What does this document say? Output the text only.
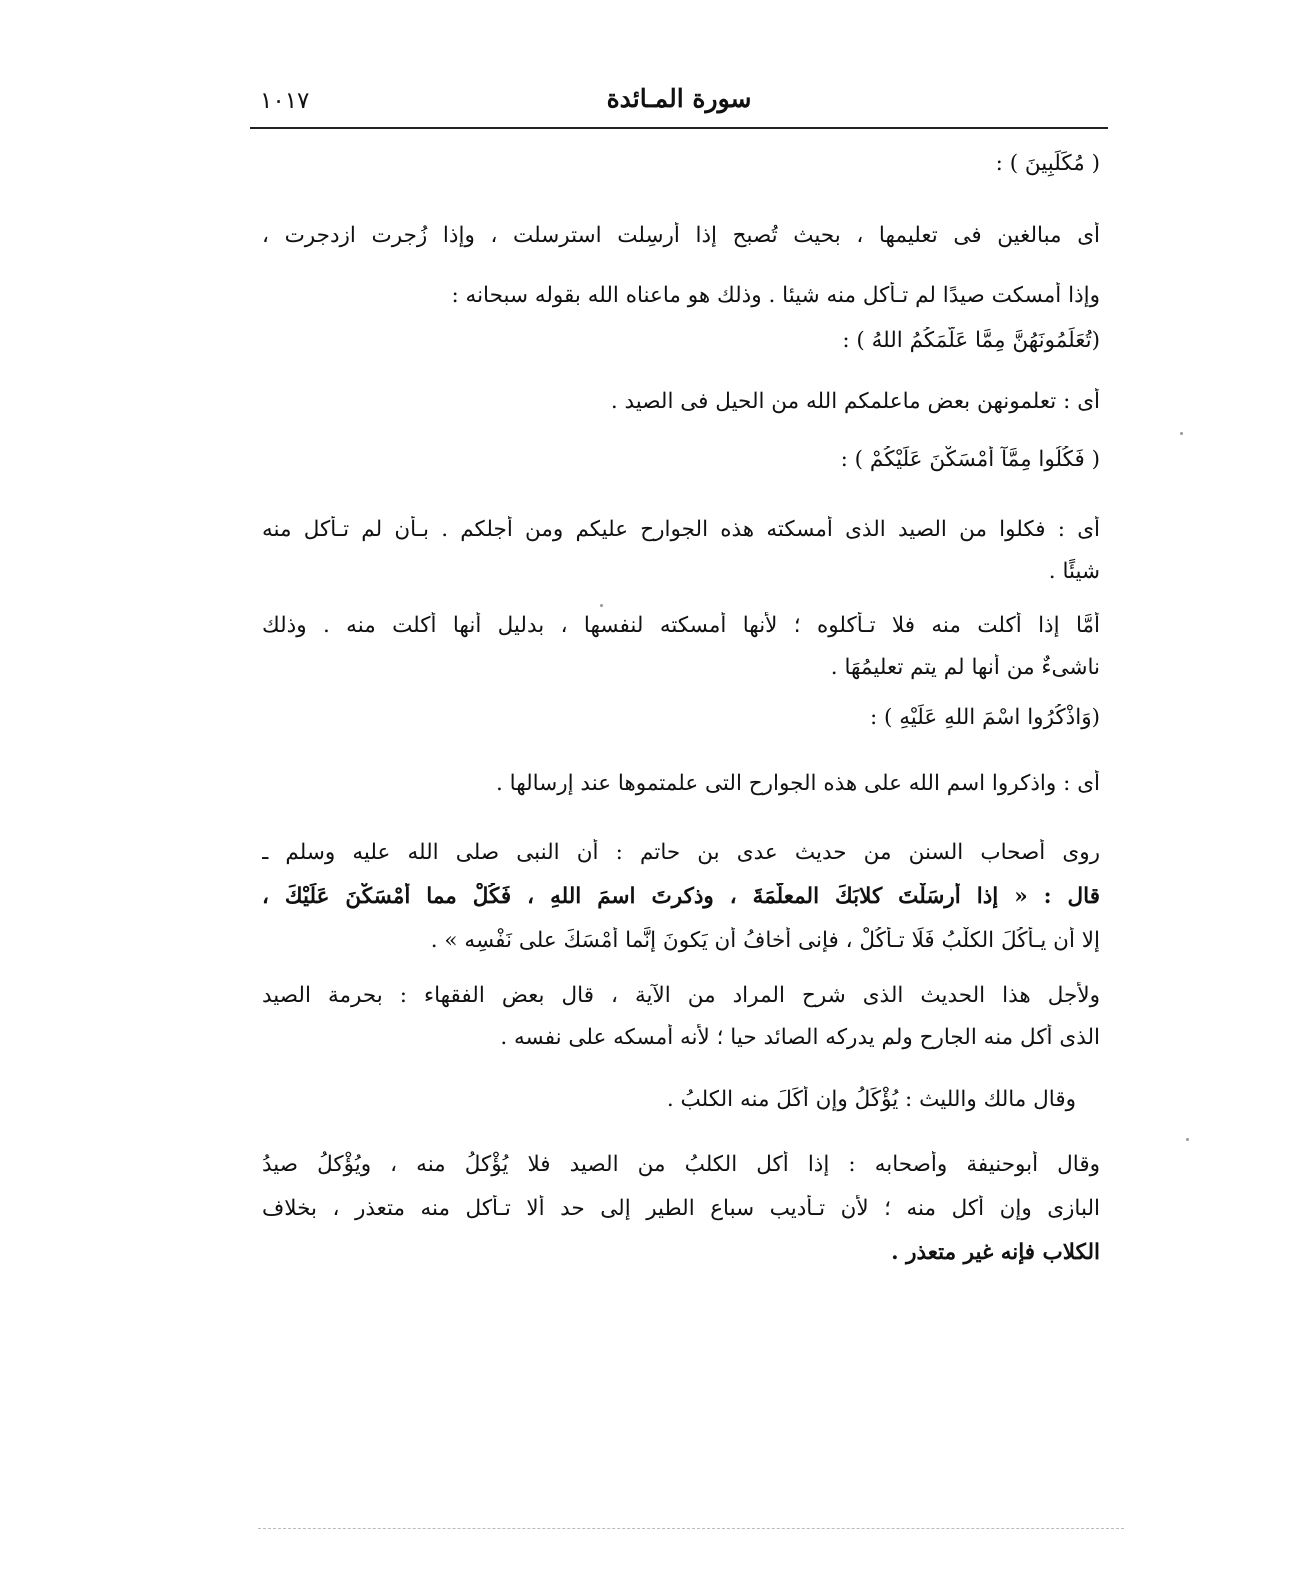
١٠١٧	سورة المـائدة
( مُكَلِّبِينَ ) :
أى مبالغين فى تعليمها ، بحيث تُصبح إذا أُرسِلت استرسلت ، وإذا زُجرت ازدجرت ،
وإذا أَمسكت صيدًا لم تـأْكل منه شيئا . وذلك هو ماعناه الله بقوله سبحانه :
(تُعَلِّمُونَهُنَّ مِمَّا عَلَّمَكُمُ اللهُ ) :
أى : تعلمونهن بعض ماعلمكم الله من الحيل فى الصيد .
( فَكُلُوا مِمَّآ أَمْسَكْنَ عَلَيْكُمْ ) :
أى : فكلوا من الصيد الذى أَمسكته هذه الجوارح عليكم ومن أَجلكم . بـأَن لم تـأْكل منه
شيئًا .
أَمَّا إذا أَكلت منه فلا تـأْكلوه ؛ لأَنها أَمسكته لنفسها ، بدليل أَنها أَكلت منه . وذلك
ناشىءٌ من أَنها لم يتم تعليمُهَا .
(وَاذْكُرُوا اسْمَ اللهِ عَلَيْهِ ) :
أى : واذكروا اسم الله على هذه الجوارح التى علمتموها عند إرسالها .
روى أَصحاب السنن من حديث عدى بن حاتم : أَن النبى صلى الله عليه وسلم ـ
قال : « إذا أَرسَلْتَ كلابَكَ المعلَّمَةَ ، وذكرتَ اسمَ اللهِ ، فَكُلْ مما أَمْسَكْنَ عَلَيْكَ ،
إلا أن يـأْكُلَ الكلْبُ فَلَا تـأْكُلْ ، فإنى أخافُ أَن يَكونَ إنَّما أَمْسَكَ على نَفْسِه » .
ولأَجل هذا الحديث الذى شرح المراد من الآية ، قال بعض الفقهاء : بحرمة الصيد
الذى أَكل منه الجارح ولم يدركه الصائد حيا ؛ لأَنه أَمسكه على نفسه .
وقال مالك والليث : يُؤْكَلُ وإن أَكَلَ منه الكلبُ .
وقال أَبوحنيفة وأَصحابه : إذا أَكل الكلبُ من الصيد فلا يُؤْكلُ منه ، ويُؤْكلُ صيدُ
البازى وإن أَكل منه ؛ لأَن تـأْديب سباع الطير إلى حد أَلا تـأْكل منه متعذر ، بخلاف
الكلاب فإنه غير متعذر .
